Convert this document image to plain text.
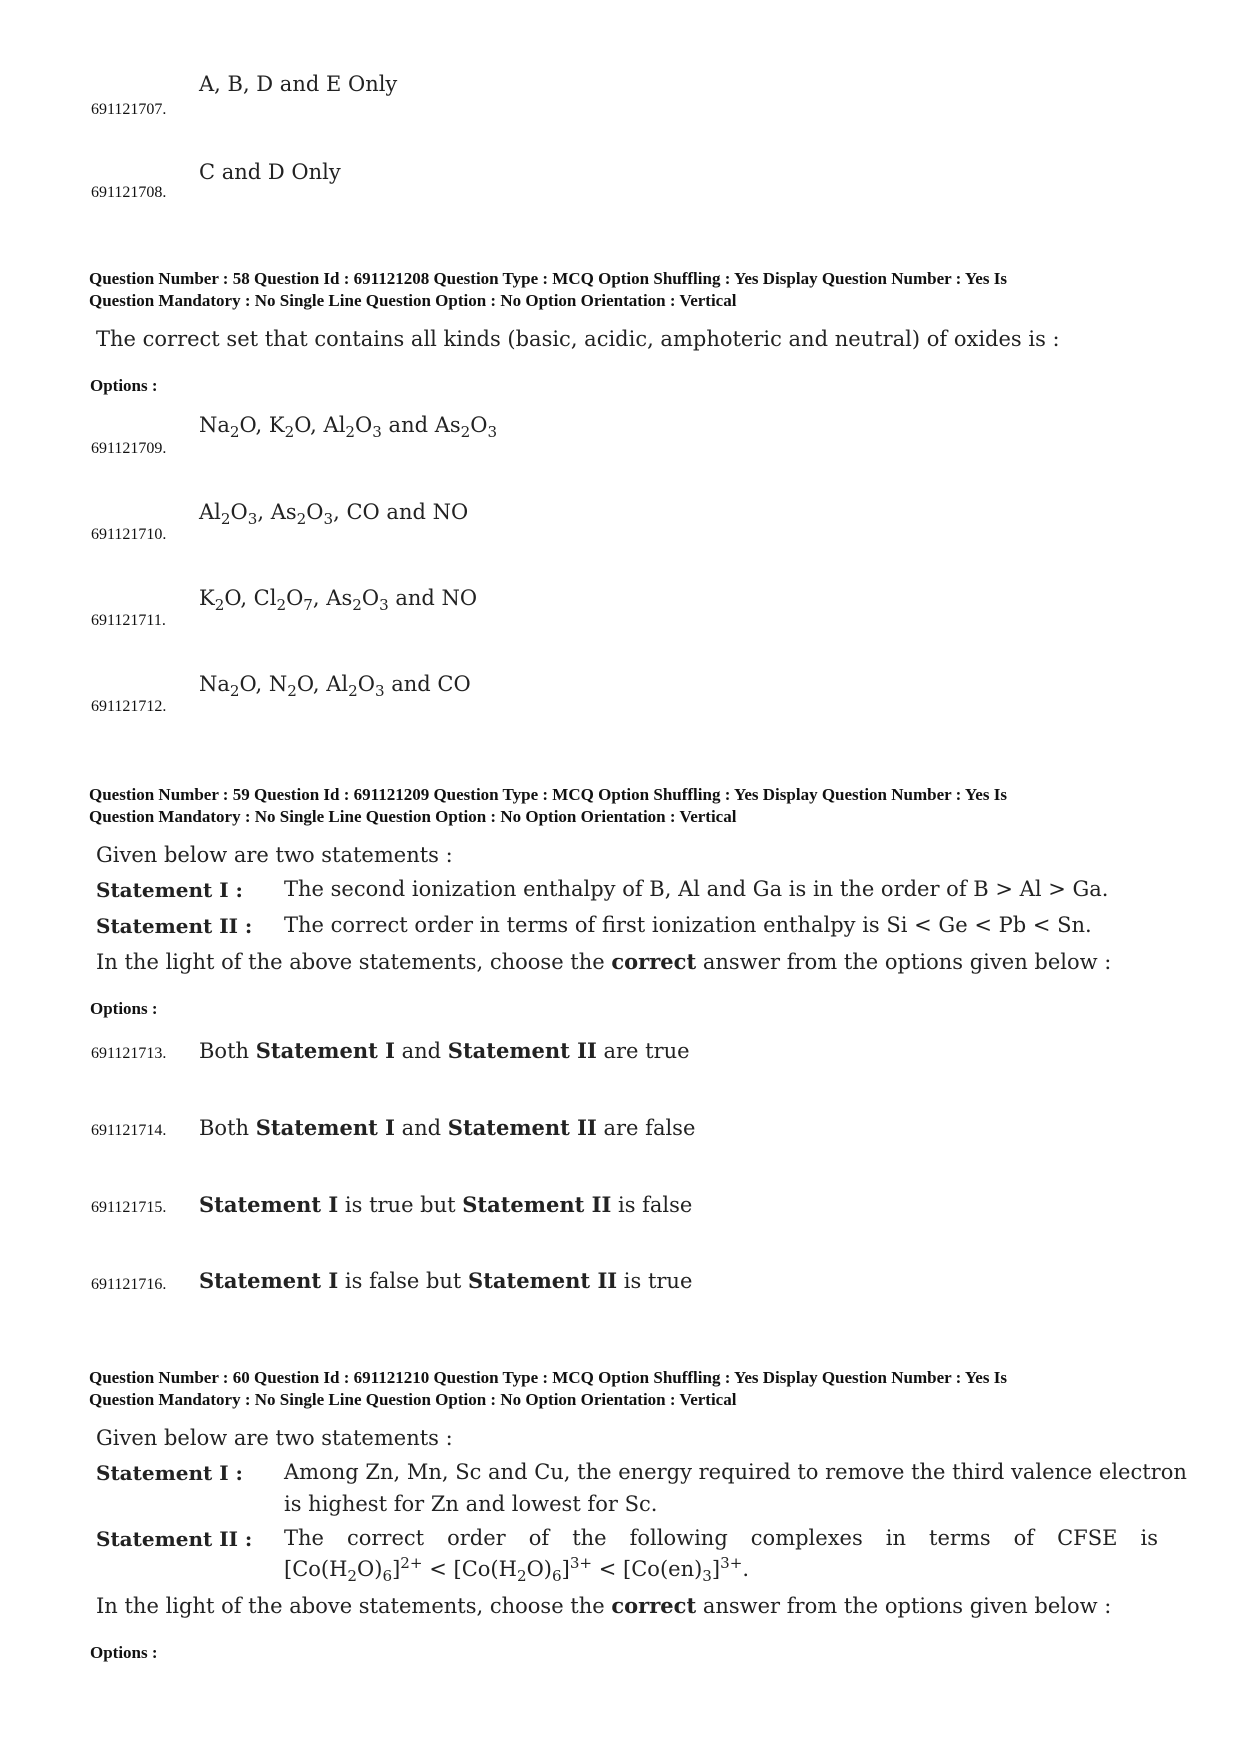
A, B, D and E Only
691121707.
C and D Only
691121708.
Question Number : 58 Question Id : 691121208 Question Type : MCQ Option Shuffling : Yes Display Question Number : Yes Is
Question Mandatory : No Single Line Question Option : No Option Orientation : Vertical
The correct set that contains all kinds (basic, acidic, amphoteric and neutral) of oxides is :
Options :
$Na_2O$, $K_2O$, $Al_2O_3$ and $As_2O_3$
691121709.
$Al_2O_3$, $As_2O_3$, CO and NO
691121710.
$K_2O$, $Cl_2O_7$, $As_2O_3$ and NO
691121711.
$Na_2O$, $N_2O$, $Al_2O_3$ and CO
691121712.
Question Number : 59 Question Id : 691121209 Question Type : MCQ Option Shuffling : Yes Display Question Number : Yes Is
Question Mandatory : No Single Line Question Option : No Option Orientation : Vertical
Given below are two statements :
Statement I : The second ionization enthalpy of B, Al and Ga is in the order of B > Al > Ga.
Statement II : The correct order in terms of first ionization enthalpy is Si < Ge < Pb < Sn.
In the light of the above statements, choose the correct answer from the options given below :
Options :
Both Statement I and Statement II are true
691121713.
Both Statement I and Statement II are false
691121714.
Statement I is true but Statement II is false
691121715.
Statement I is false but Statement II is true
691121716.
Question Number : 60 Question Id : 691121210 Question Type : MCQ Option Shuffling : Yes Display Question Number : Yes Is
Question Mandatory : No Single Line Question Option : No Option Orientation : Vertical
Given below are two statements :
Statement I : Among Zn, Mn, Sc and Cu, the energy required to remove the third valence electron
is highest for Zn and lowest for Sc.
Statement II : The correct order of the following complexes in terms of CFSE is
$[Co(H_2O)_6]^{2+} < [Co(H_2O)_6]^{3+} < [Co(en)_3]^{3+}$.
In the light of the above statements, choose the correct answer from the options given below :
Options :
